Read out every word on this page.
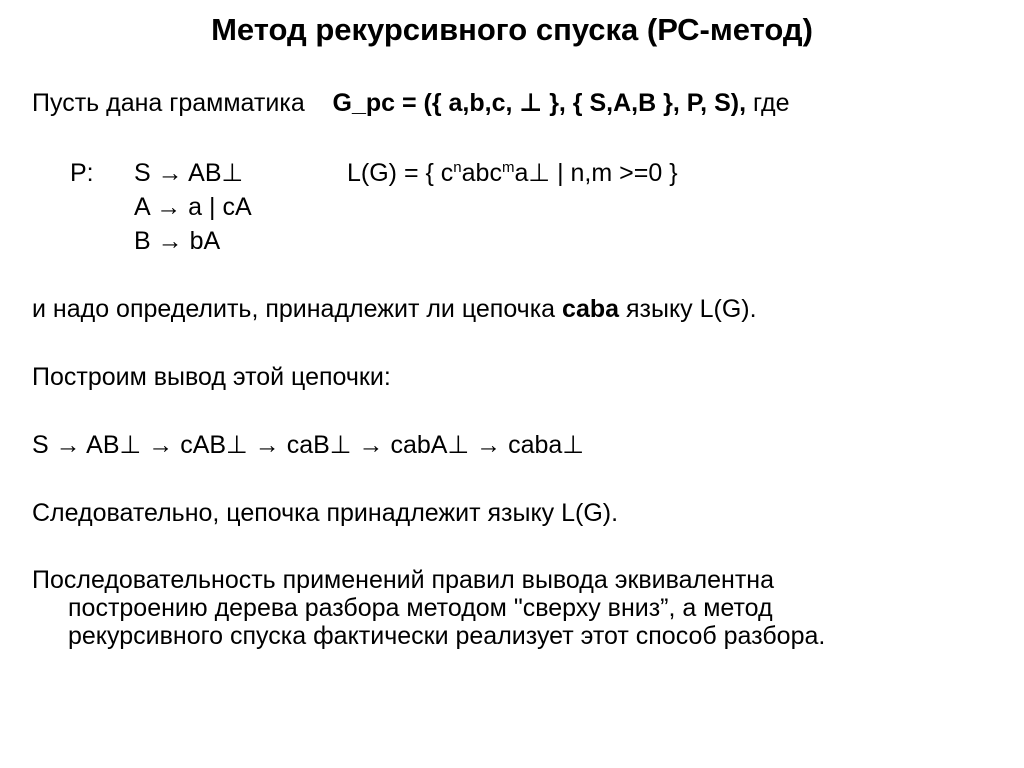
Метод рекурсивного спуска (РС-метод)
Пусть дана грамматика G_рс = ({ a,b,c, ⊥ }, { S,A,B }, P, S), где
P: S → AB⊥
A → a | cA
B → bA
L(G) = { $c^nabc^ma\perp$ | n,m >=0 }
и надо определить, принадлежит ли цепочка caba языку L(G).
Построим вывод этой цепочки:
S → AB⊥ → cAB⊥ → caB⊥ → cabA⊥ → caba⊥
Следовательно, цепочка принадлежит языку L(G).
Последовательность применений правил вывода эквивалентна
построению дерева разбора методом "сверху вниз”, а метод
рекурсивного спуска фактически реализует этот способ разбора.
